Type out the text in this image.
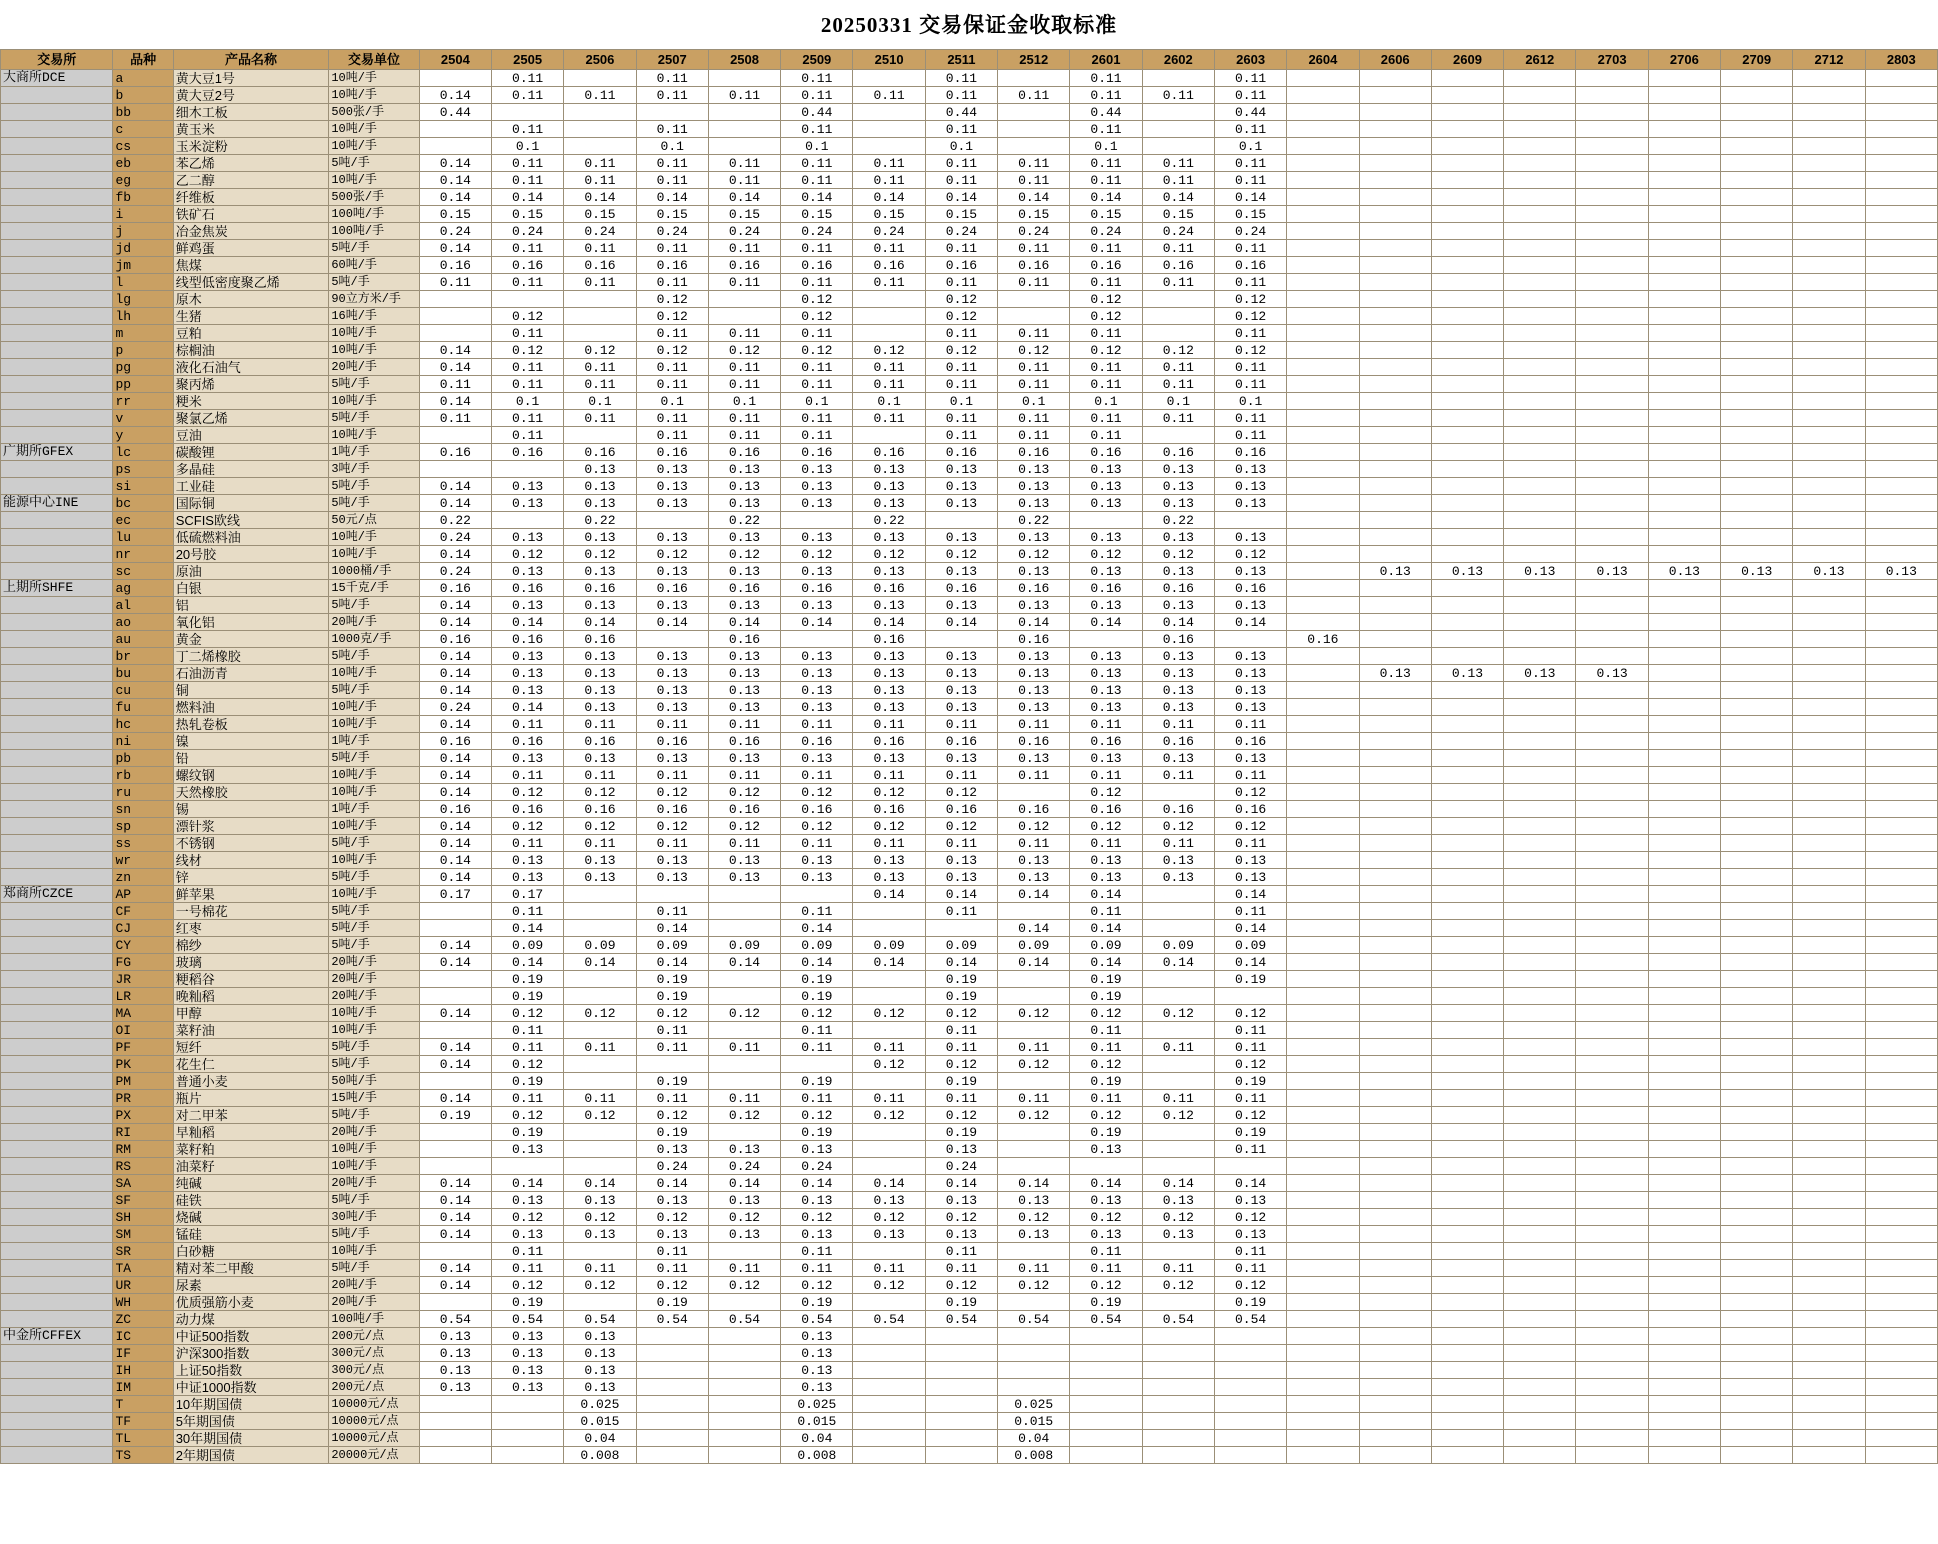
20250331 交易保证金收取标准
交易所	品种	产品名称	交易单位	2504	2505	2506	2507	2508	2509	2510	2511	2512	2601	2602	2603	2604	2606	2609	2612	2703	2706	2709	2712	2803
大商所DCE	a	黄大豆1号	10吨/手		0.11		0.11		0.11		0.11		0.11		0.11									
	b	黄大豆2号	10吨/手	0.14	0.11	0.11	0.11	0.11	0.11	0.11	0.11	0.11	0.11	0.11	0.11									
	bb	细木工板	500张/手	0.44					0.44		0.44		0.44		0.44									
	c	黄玉米	10吨/手		0.11		0.11		0.11		0.11		0.11		0.11									
	cs	玉米淀粉	10吨/手		0.1		0.1		0.1		0.1		0.1		0.1									
	eb	苯乙烯	5吨/手	0.14	0.11	0.11	0.11	0.11	0.11	0.11	0.11	0.11	0.11	0.11	0.11									
	eg	乙二醇	10吨/手	0.14	0.11	0.11	0.11	0.11	0.11	0.11	0.11	0.11	0.11	0.11	0.11									
	fb	纤维板	500张/手	0.14	0.14	0.14	0.14	0.14	0.14	0.14	0.14	0.14	0.14	0.14	0.14									
	i	铁矿石	100吨/手	0.15	0.15	0.15	0.15	0.15	0.15	0.15	0.15	0.15	0.15	0.15	0.15									
	j	冶金焦炭	100吨/手	0.24	0.24	0.24	0.24	0.24	0.24	0.24	0.24	0.24	0.24	0.24	0.24									
	jd	鲜鸡蛋	5吨/手	0.14	0.11	0.11	0.11	0.11	0.11	0.11	0.11	0.11	0.11	0.11	0.11									
	jm	焦煤	60吨/手	0.16	0.16	0.16	0.16	0.16	0.16	0.16	0.16	0.16	0.16	0.16	0.16									
	l	线型低密度聚乙烯	5吨/手	0.11	0.11	0.11	0.11	0.11	0.11	0.11	0.11	0.11	0.11	0.11	0.11									
	lg	原木	90立方米/手				0.12		0.12		0.12		0.12		0.12									
	lh	生猪	16吨/手		0.12		0.12		0.12		0.12		0.12		0.12									
	m	豆粕	10吨/手		0.11		0.11	0.11	0.11		0.11	0.11	0.11		0.11									
	p	棕榈油	10吨/手	0.14	0.12	0.12	0.12	0.12	0.12	0.12	0.12	0.12	0.12	0.12	0.12									
	pg	液化石油气	20吨/手	0.14	0.11	0.11	0.11	0.11	0.11	0.11	0.11	0.11	0.11	0.11	0.11									
	pp	聚丙烯	5吨/手	0.11	0.11	0.11	0.11	0.11	0.11	0.11	0.11	0.11	0.11	0.11	0.11									
	rr	粳米	10吨/手	0.14	0.1	0.1	0.1	0.1	0.1	0.1	0.1	0.1	0.1	0.1	0.1									
	v	聚氯乙烯	5吨/手	0.11	0.11	0.11	0.11	0.11	0.11	0.11	0.11	0.11	0.11	0.11	0.11									
	y	豆油	10吨/手		0.11		0.11	0.11	0.11		0.11	0.11	0.11		0.11									
广期所GFEX	lc	碳酸锂	1吨/手	0.16	0.16	0.16	0.16	0.16	0.16	0.16	0.16	0.16	0.16	0.16	0.16									
	ps	多晶硅	3吨/手			0.13	0.13	0.13	0.13	0.13	0.13	0.13	0.13	0.13	0.13									
	si	工业硅	5吨/手	0.14	0.13	0.13	0.13	0.13	0.13	0.13	0.13	0.13	0.13	0.13	0.13									
能源中心INE	bc	国际铜	5吨/手	0.14	0.13	0.13	0.13	0.13	0.13	0.13	0.13	0.13	0.13	0.13	0.13									
	ec	SCFIS欧线	50元/点	0.22		0.22		0.22		0.22		0.22		0.22										
	lu	低硫燃料油	10吨/手	0.24	0.13	0.13	0.13	0.13	0.13	0.13	0.13	0.13	0.13	0.13	0.13									
	nr	20号胶	10吨/手	0.14	0.12	0.12	0.12	0.12	0.12	0.12	0.12	0.12	0.12	0.12	0.12									
	sc	原油	1000桶/手	0.24	0.13	0.13	0.13	0.13	0.13	0.13	0.13	0.13	0.13	0.13	0.13		0.13	0.13	0.13	0.13	0.13	0.13	0.13	0.13
上期所SHFE	ag	白银	15千克/手	0.16	0.16	0.16	0.16	0.16	0.16	0.16	0.16	0.16	0.16	0.16	0.16									
	al	铝	5吨/手	0.14	0.13	0.13	0.13	0.13	0.13	0.13	0.13	0.13	0.13	0.13	0.13									
	ao	氧化铝	20吨/手	0.14	0.14	0.14	0.14	0.14	0.14	0.14	0.14	0.14	0.14	0.14	0.14									
	au	黄金	1000克/手	0.16	0.16	0.16		0.16		0.16		0.16		0.16		0.16								
	br	丁二烯橡胶	5吨/手	0.14	0.13	0.13	0.13	0.13	0.13	0.13	0.13	0.13	0.13	0.13	0.13									
	bu	石油沥青	10吨/手	0.14	0.13	0.13	0.13	0.13	0.13	0.13	0.13	0.13	0.13	0.13	0.13		0.13	0.13	0.13	0.13				
	cu	铜	5吨/手	0.14	0.13	0.13	0.13	0.13	0.13	0.13	0.13	0.13	0.13	0.13	0.13									
	fu	燃料油	10吨/手	0.24	0.14	0.13	0.13	0.13	0.13	0.13	0.13	0.13	0.13	0.13	0.13									
	hc	热轧卷板	10吨/手	0.14	0.11	0.11	0.11	0.11	0.11	0.11	0.11	0.11	0.11	0.11	0.11									
	ni	镍	1吨/手	0.16	0.16	0.16	0.16	0.16	0.16	0.16	0.16	0.16	0.16	0.16	0.16									
	pb	铅	5吨/手	0.14	0.13	0.13	0.13	0.13	0.13	0.13	0.13	0.13	0.13	0.13	0.13									
	rb	螺纹钢	10吨/手	0.14	0.11	0.11	0.11	0.11	0.11	0.11	0.11	0.11	0.11	0.11	0.11									
	ru	天然橡胶	10吨/手	0.14	0.12	0.12	0.12	0.12	0.12	0.12	0.12		0.12		0.12									
	sn	锡	1吨/手	0.16	0.16	0.16	0.16	0.16	0.16	0.16	0.16	0.16	0.16	0.16	0.16									
	sp	漂针浆	10吨/手	0.14	0.12	0.12	0.12	0.12	0.12	0.12	0.12	0.12	0.12	0.12	0.12									
	ss	不锈钢	5吨/手	0.14	0.11	0.11	0.11	0.11	0.11	0.11	0.11	0.11	0.11	0.11	0.11									
	wr	线材	10吨/手	0.14	0.13	0.13	0.13	0.13	0.13	0.13	0.13	0.13	0.13	0.13	0.13									
	zn	锌	5吨/手	0.14	0.13	0.13	0.13	0.13	0.13	0.13	0.13	0.13	0.13	0.13	0.13									
郑商所CZCE	AP	鲜苹果	10吨/手	0.17	0.17					0.14	0.14	0.14	0.14		0.14									
	CF	一号棉花	5吨/手		0.11		0.11		0.11		0.11		0.11		0.11									
	CJ	红枣	5吨/手		0.14		0.14		0.14			0.14	0.14		0.14									
	CY	棉纱	5吨/手	0.14	0.09	0.09	0.09	0.09	0.09	0.09	0.09	0.09	0.09	0.09	0.09									
	FG	玻璃	20吨/手	0.14	0.14	0.14	0.14	0.14	0.14	0.14	0.14	0.14	0.14	0.14	0.14									
	JR	粳稻谷	20吨/手		0.19		0.19		0.19		0.19		0.19		0.19									
	LR	晚籼稻	20吨/手		0.19		0.19		0.19		0.19		0.19											
	MA	甲醇	10吨/手	0.14	0.12	0.12	0.12	0.12	0.12	0.12	0.12	0.12	0.12	0.12	0.12									
	OI	菜籽油	10吨/手		0.11		0.11		0.11		0.11		0.11		0.11									
	PF	短纤	5吨/手	0.14	0.11	0.11	0.11	0.11	0.11	0.11	0.11	0.11	0.11	0.11	0.11									
	PK	花生仁	5吨/手	0.14	0.12					0.12	0.12	0.12	0.12		0.12									
	PM	普通小麦	50吨/手		0.19		0.19		0.19		0.19		0.19		0.19									
	PR	瓶片	15吨/手	0.14	0.11	0.11	0.11	0.11	0.11	0.11	0.11	0.11	0.11	0.11	0.11									
	PX	对二甲苯	5吨/手	0.19	0.12	0.12	0.12	0.12	0.12	0.12	0.12	0.12	0.12	0.12	0.12									
	RI	早籼稻	20吨/手		0.19		0.19		0.19		0.19		0.19		0.19									
	RM	菜籽粕	10吨/手		0.13		0.13	0.13	0.13		0.13		0.13		0.11									
	RS	油菜籽	10吨/手				0.24	0.24	0.24		0.24													
	SA	纯碱	20吨/手	0.14	0.14	0.14	0.14	0.14	0.14	0.14	0.14	0.14	0.14	0.14	0.14									
	SF	硅铁	5吨/手	0.14	0.13	0.13	0.13	0.13	0.13	0.13	0.13	0.13	0.13	0.13	0.13									
	SH	烧碱	30吨/手	0.14	0.12	0.12	0.12	0.12	0.12	0.12	0.12	0.12	0.12	0.12	0.12									
	SM	锰硅	5吨/手	0.14	0.13	0.13	0.13	0.13	0.13	0.13	0.13	0.13	0.13	0.13	0.13									
	SR	白砂糖	10吨/手		0.11		0.11		0.11		0.11		0.11		0.11									
	TA	精对苯二甲酸	5吨/手	0.14	0.11	0.11	0.11	0.11	0.11	0.11	0.11	0.11	0.11	0.11	0.11									
	UR	尿素	20吨/手	0.14	0.12	0.12	0.12	0.12	0.12	0.12	0.12	0.12	0.12	0.12	0.12									
	WH	优质强筋小麦	20吨/手		0.19		0.19		0.19		0.19		0.19		0.19									
	ZC	动力煤	100吨/手	0.54	0.54	0.54	0.54	0.54	0.54	0.54	0.54	0.54	0.54	0.54	0.54									
中金所CFFEX	IC	中证500指数	200元/点	0.13	0.13	0.13			0.13															
	IF	沪深300指数	300元/点	0.13	0.13	0.13			0.13															
	IH	上证50指数	300元/点	0.13	0.13	0.13			0.13															
	IM	中证1000指数	200元/点	0.13	0.13	0.13			0.13															
	T	10年期国债	10000元/点			0.025			0.025			0.025												
	TF	5年期国债	10000元/点			0.015			0.015			0.015												
	TL	30年期国债	10000元/点			0.04			0.04			0.04												
	TS	2年期国债	20000元/点			0.008			0.008			0.008												
